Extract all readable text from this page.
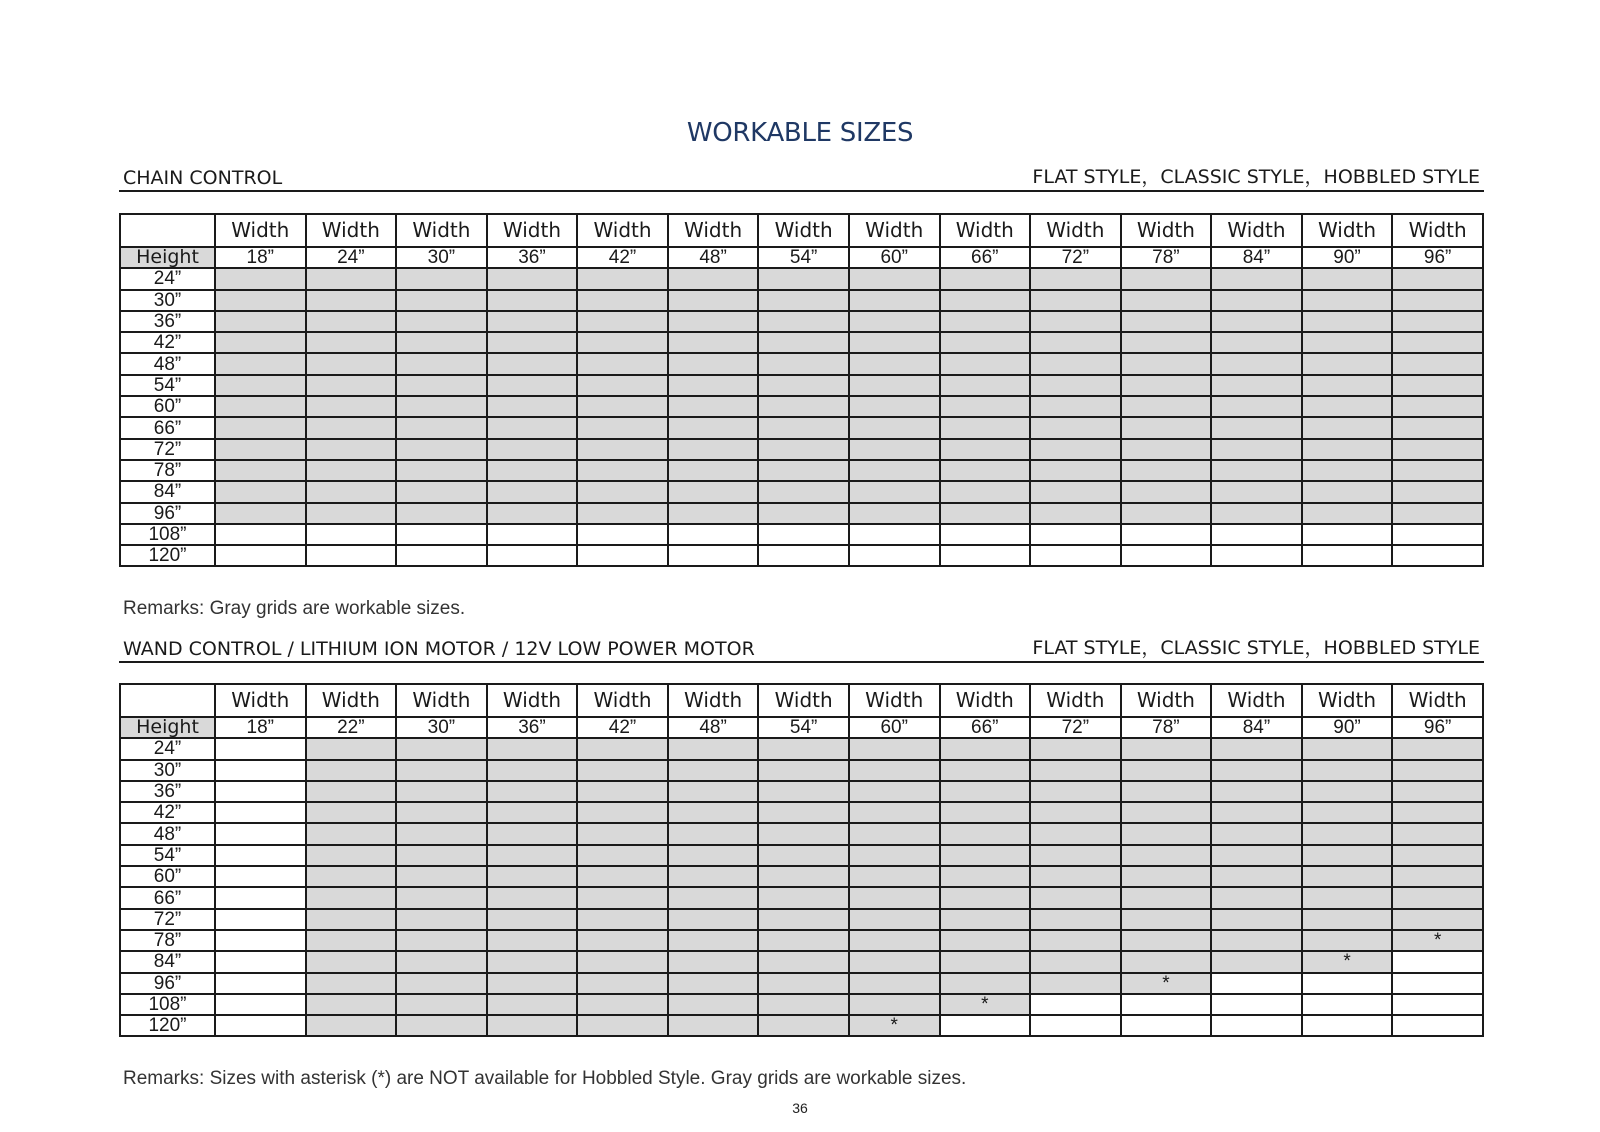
WORKABLE SIZES
CHAIN CONTROL	FLAT STYLE，CLASSIC STYLE，HOBBLED STYLE
	Width	Width	Width	Width	Width	Width	Width	Width	Width	Width	Width	Width	Width	Width
Height	18”	24”	30”	36”	42”	48”	54”	60”	66”	72”	78”	84”	90”	96”
24”														
30”														
36”														
42”														
48”														
54”														
60”														
66”														
72”														
78”														
84”														
96”														
108”														
120”														
Remarks: Gray grids are workable sizes.
WAND CONTROL / LITHIUM ION MOTOR / 12V LOW POWER MOTOR	FLAT STYLE，CLASSIC STYLE，HOBBLED STYLE
	Width	Width	Width	Width	Width	Width	Width	Width	Width	Width	Width	Width	Width	Width
Height	18”	22”	30”	36”	42”	48”	54”	60”	66”	72”	78”	84”	90”	96”
24”														
30”														
36”														
42”														
48”														
54”														
60”														
66”														
72”														
78”														*
84”													*	
96”											*			
108”									*					
120”								*						
Remarks: Sizes with asterisk (*) are NOT available for Hobbled Style. Gray grids are workable sizes.
36
